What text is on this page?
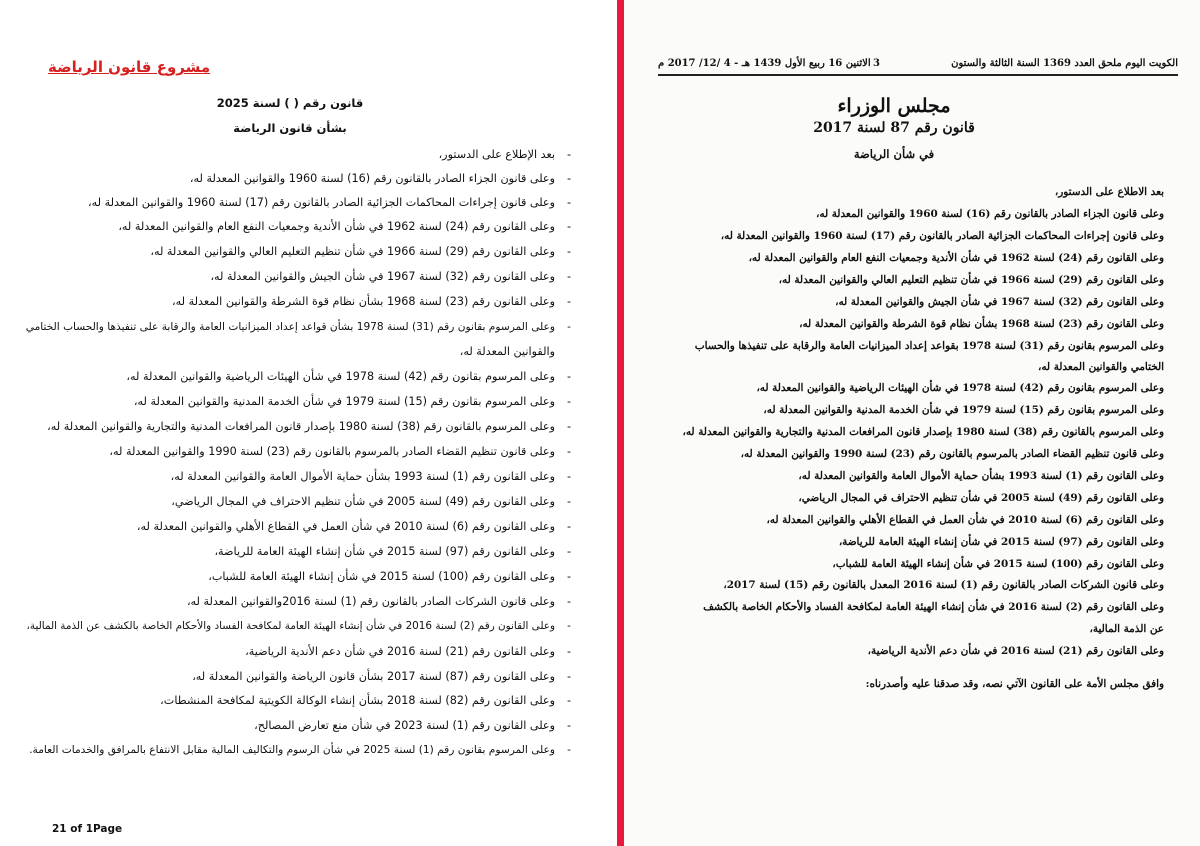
مشروع قانون الرياضة
قانون رقم ( ) لسنة 2025
بشأن قانون الرياضة
-بعد الإطلاع على الدستور،
-وعلى قانون الجزاء الصادر بالقانون رقم (16) لسنة 1960 والقوانين المعدلة له،
-وعلى قانون إجراءات المحاكمات الجزائية الصادر بالقانون رقم (17) لسنة 1960 والقوانين المعدلة له،
-وعلى القانون رقم (24) لسنة 1962 في شأن الأندية وجمعيات النفع العام والقوانين المعدلة له،
-وعلى القانون رقم (29) لسنة 1966 في شأن تنظيم التعليم العالي والقوانين المعدلة له،
-وعلى القانون رقم (32) لسنة 1967 في شأن الجيش والقوانين المعدلة له،
-وعلى القانون رقم (23) لسنة 1968 بشأن نظام قوة الشرطة والقوانين المعدلة له،
-وعلى المرسوم بقانون رقم (31) لسنة 1978 بشأن قواعد إعداد الميزانيات العامة والرقابة على تنفيذها والحساب الختامي
والقوانين المعدلة له،
-وعلى المرسوم بقانون رقم (42) لسنة 1978 في شأن الهيئات الرياضية والقوانين المعدلة له،
-وعلى المرسوم بقانون رقم (15) لسنة 1979 في شأن الخدمة المدنية والقوانين المعدلة له،
-وعلى المرسوم بالقانون رقم (38) لسنة 1980 بإصدار قانون المرافعات المدنية والتجارية والقوانين المعدلة له،
-وعلى قانون تنظيم القضاء الصادر بالمرسوم بالقانون رقم (23) لسنة 1990 والقوانين المعدلة له،
-وعلى القانون رقم (1) لسنة 1993 بشأن حماية الأموال العامة والقوانين المعدلة له،
-وعلى القانون رقم (49) لسنة 2005 في شأن تنظيم الاحتراف في المجال الرياضي،
-وعلى القانون رقم (6) لسنة 2010 في شأن العمل في القطاع الأهلي والقوانين المعدلة له،
-وعلى القانون رقم (97) لسنة 2015 في شأن إنشاء الهيئة العامة للرياضة،
-وعلى القانون رقم (100) لسنة 2015 في شأن إنشاء الهيئة العامة للشباب،
-وعلى قانون الشركات الصادر بالقانون رقم (1) لسنة 2016والقوانين المعدلة له،
-وعلى القانون رقم (2) لسنة 2016 في شأن إنشاء الهيئة العامة لمكافحة الفساد والأحكام الخاصة بالكشف عن الذمة المالية،
-وعلى القانون رقم (21) لسنة 2016 في شأن دعم الأندية الرياضية،
-وعلى القانون رقم (87) لسنة 2017 بشأن قانون الرياضة والقوانين المعدلة له،
-وعلى القانون رقم (82) لسنة 2018 بشأن إنشاء الوكالة الكويتية لمكافحة المنشطات،
-وعلى القانون رقم (1) لسنة 2023 في شأن منع تعارض المصالح،
-وعلى المرسوم بقانون رقم (1) لسنة 2025 في شأن الرسوم والتكاليف المالية مقابل الانتفاع بالمرافق والخدمات العامة.
21 of 1Page
الكويت اليوم ملحق العدد 1369 السنة الثالثة والستون
3
الاثنين 16 ربيع الأول 1439 هـ - 4 /12/ 2017 م
مجلس الوزراء
قانون رقم 87 لسنة 2017
في شأن الرياضة
بعد الاطلاع على الدستور،
وعلى قانون الجزاء الصادر بالقانون رقم (16) لسنة 1960 والقوانين المعدلة له،
وعلى قانون إجراءات المحاكمات الجزائية الصادر بالقانون رقم (17) لسنة 1960 والقوانين المعدلة له،
وعلى القانون رقم (24) لسنة 1962 في شأن الأندية وجمعيات النفع العام والقوانين المعدلة له،
وعلى القانون رقم (29) لسنة 1966 في شأن تنظيم التعليم العالي والقوانين المعدلة له،
وعلى القانون رقم (32) لسنة 1967 في شأن الجيش والقوانين المعدلة له،
وعلى القانون رقم (23) لسنة 1968 بشأن نظام قوة الشرطة والقوانين المعدلة له،
وعلى المرسوم بقانون رقم (31) لسنة 1978 بقواعد إعداد الميزانيات العامة والرقابة على تنفيذها والحساب
الختامي والقوانين المعدلة له،
وعلى المرسوم بقانون رقم (42) لسنة 1978 في شأن الهيئات الرياضية والقوانين المعدلة له،
وعلى المرسوم بقانون رقم (15) لسنة 1979 في شأن الخدمة المدنية والقوانين المعدلة له،
وعلى المرسوم بالقانون رقم (38) لسنة 1980 بإصدار قانون المرافعات المدنية والتجارية والقوانين المعدلة له،
وعلى قانون تنظيم القضاء الصادر بالمرسوم بالقانون رقم (23) لسنة 1990 والقوانين المعدلة له،
وعلى القانون رقم (1) لسنة 1993 بشأن حماية الأموال العامة والقوانين المعدلة له،
وعلى القانون رقم (49) لسنة 2005 في شأن تنظيم الاحتراف في المجال الرياضي،
وعلى القانون رقم (6) لسنة 2010 في شأن العمل في القطاع الأهلي والقوانين المعدلة له،
وعلى القانون رقم (97) لسنة 2015 في شأن إنشاء الهيئة العامة للرياضة،
وعلى القانون رقم (100) لسنة 2015 في شأن إنشاء الهيئة العامة للشباب،
وعلى قانون الشركات الصادر بالقانون رقم (1) لسنة 2016 المعدل بالقانون رقم (15) لسنة 2017،
وعلى القانون رقم (2) لسنة 2016 في شأن إنشاء الهيئة العامة لمكافحة الفساد والأحكام الخاصة بالكشف
عن الذمة المالية،
وعلى القانون رقم (21) لسنة 2016 في شأن دعم الأندية الرياضية،
وافق مجلس الأمة على القانون الآتي نصه، وقد صدقنا عليه وأصدرناه:
